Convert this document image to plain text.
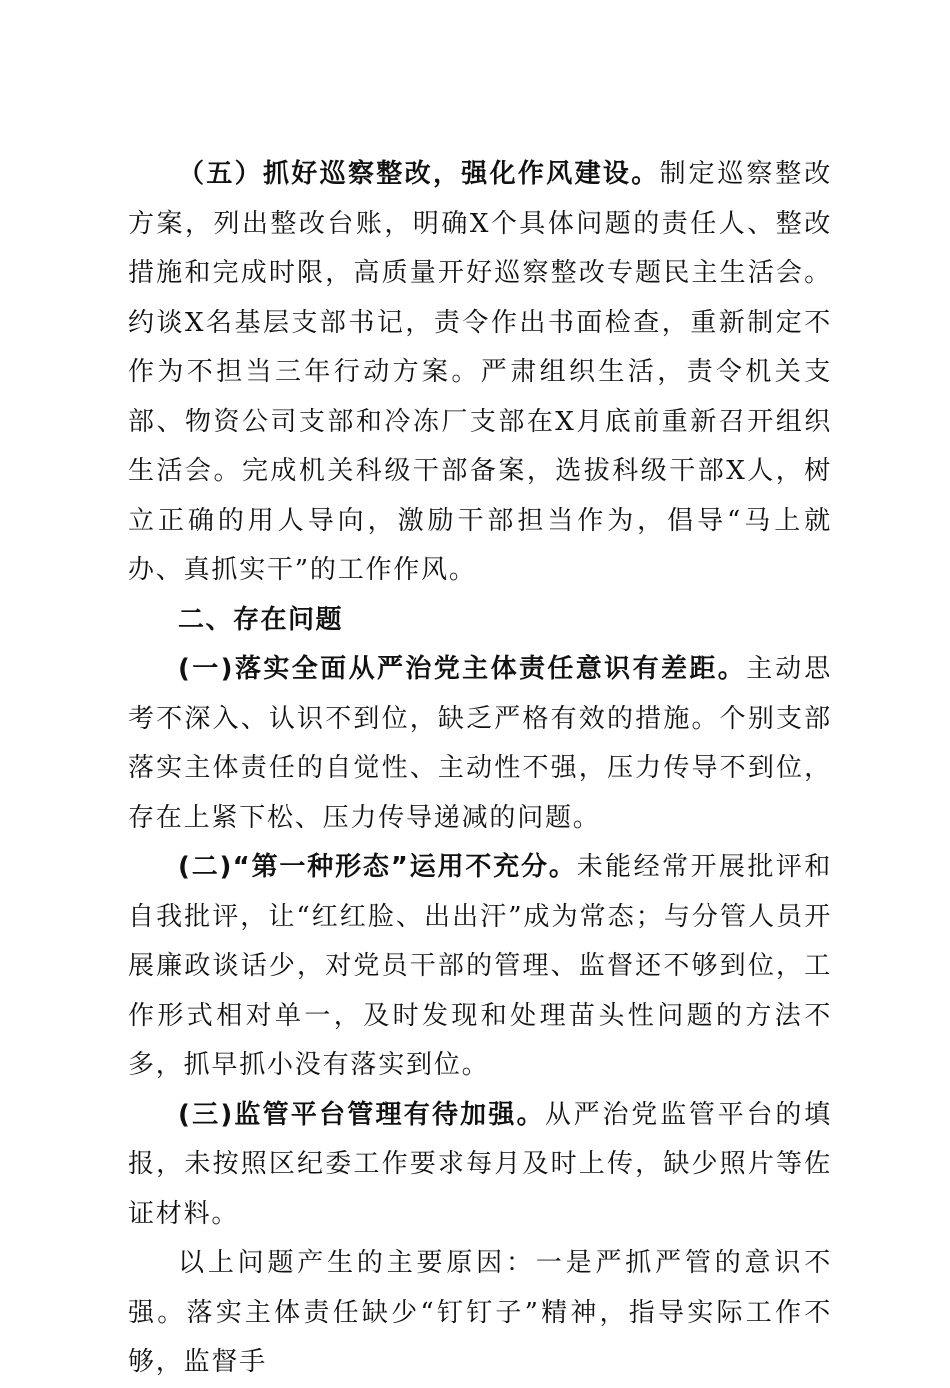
（五）抓好巡察整改，强化作风建设。制定巡察整改方案，列出整改台账，明确X个具体问题的责任人、整改措施和完成时限，高质量开好巡察整改专题民主生活会。约谈X名基层支部书记，责令作出书面检查，重新制定不作为不担当三年行动方案。严肃组织生活，责令机关支部、物资公司支部和冷冻厂支部在X月底前重新召开组织生活会。完成机关科级干部备案，选拔科级干部X人，树立正确的用人导向，激励干部担当作为，倡导“马上就办、真抓实干”的工作作风。

二、存在问题

(一)落实全面从严治党主体责任意识有差距。主动思考不深入、认识不到位，缺乏严格有效的措施。个别支部落实主体责任的自觉性、主动性不强，压力传导不到位，存在上紧下松、压力传导递减的问题。

(二)“第一种形态”运用不充分。未能经常开展批评和自我批评，让“红红脸、出出汗”成为常态；与分管人员开展廉政谈话少，对党员干部的管理、监督还不够到位，工作形式相对单一，及时发现和处理苗头性问题的方法不多，抓早抓小没有落实到位。

(三)监管平台管理有待加强。从严治党监管平台的填报，未按照区纪委工作要求每月及时上传，缺少照片等佐证材料。

以上问题产生的主要原因：一是严抓严管的意识不强。落实主体责任缺少“钉钉子”精神，指导实际工作不够，监督手
